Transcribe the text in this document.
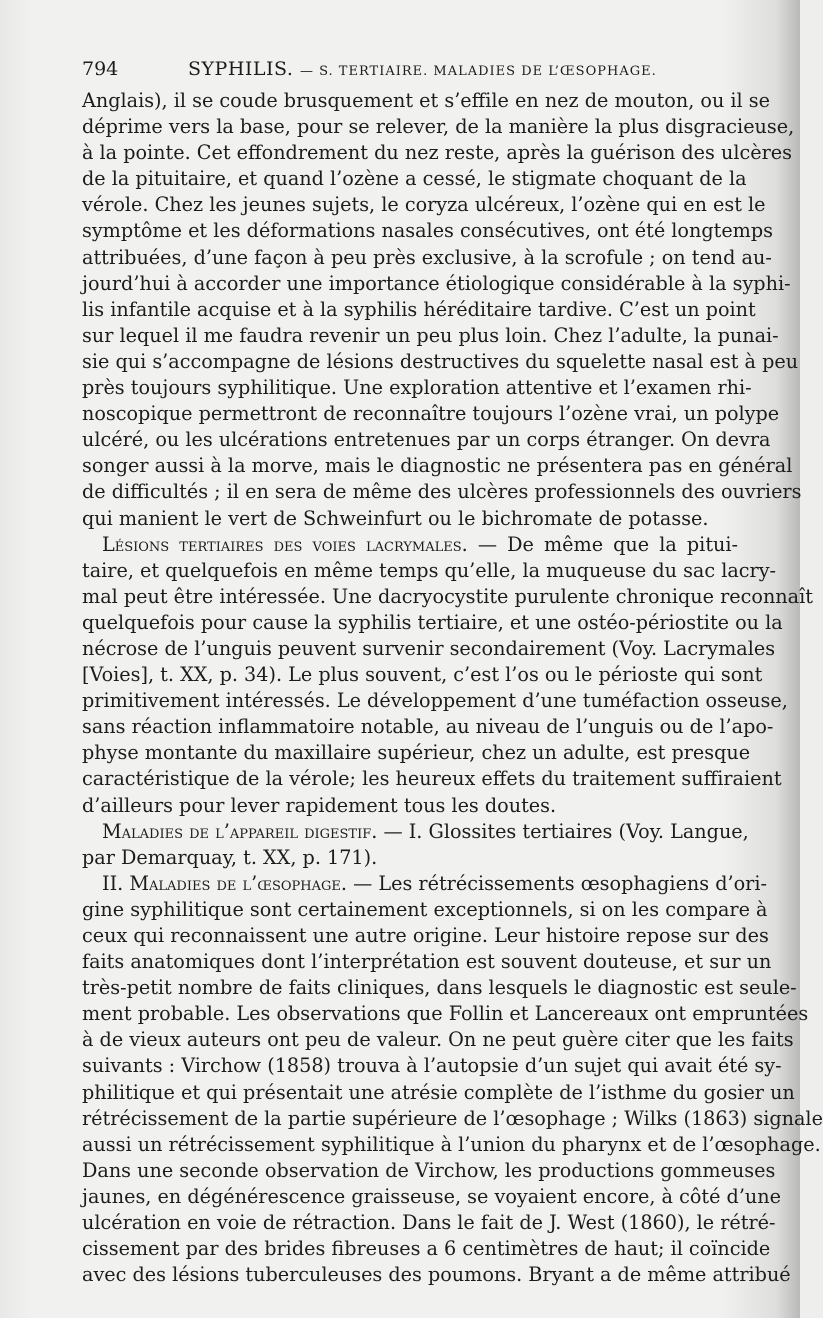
794	SYPHILIS. — S. TERTIAIRE. MALADIES DE L’ŒSOPHAGE.
Anglais), il se coude brusquement et s’effile en nez de mouton, ou il se
déprime vers la base, pour se relever, de la manière la plus disgracieuse,
à la pointe. Cet effondrement du nez reste, après la guérison des ulcères
de la pituitaire, et quand l’ozène a cessé, le stigmate choquant de la
vérole. Chez les jeunes sujets, le coryza ulcéreux, l’ozène qui en est le
symptôme et les déformations nasales consécutives, ont été longtemps
attribuées, d’une façon à peu près exclusive, à la scrofule ; on tend au-
jourd’hui à accorder une importance étiologique considérable à la syphi-
lis infantile acquise et à la syphilis héréditaire tardive. C’est un point
sur lequel il me faudra revenir un peu plus loin. Chez l’adulte, la punai-
sie qui s’accompagne de lésions destructives du squelette nasal est à peu
près toujours syphilitique. Une exploration attentive et l’examen rhi-
noscopique permettront de reconnaître toujours l’ozène vrai, un polype
ulcéré, ou les ulcérations entretenues par un corps étranger. On devra
songer aussi à la morve, mais le diagnostic ne présentera pas en général
de difficultés ; il en sera de même des ulcères professionnels des ouvriers
qui manient le vert de Schweinfurt ou le bichromate de potasse.
Lésions tertiaires des voies lacrymales. — De même que la pitui-
taire, et quelquefois en même temps qu’elle, la muqueuse du sac lacry-
mal peut être intéressée. Une dacryocystite purulente chronique reconnaît
quelquefois pour cause la syphilis tertiaire, et une ostéo-périostite ou la
nécrose de l’unguis peuvent survenir secondairement (Voy. Lacrymales
[Voies], t. XX, p. 34). Le plus souvent, c’est l’os ou le périoste qui sont
primitivement intéressés. Le développement d’une tuméfaction osseuse,
sans réaction inflammatoire notable, au niveau de l’unguis ou de l’apo-
physe montante du maxillaire supérieur, chez un adulte, est presque
caractéristique de la vérole; les heureux effets du traitement suffiraient
d’ailleurs pour lever rapidement tous les doutes.
Maladies de l’appareil digestif. — I. Glossites tertiaires (Voy. Langue,
par Demarquay, t. XX, p. 171).
II. Maladies de l’œsophage. — Les rétrécissements œsophagiens d’ori-
gine syphilitique sont certainement exceptionnels, si on les compare à
ceux qui reconnaissent une autre origine. Leur histoire repose sur des
faits anatomiques dont l’interprétation est souvent douteuse, et sur un
très-petit nombre de faits cliniques, dans lesquels le diagnostic est seule-
ment probable. Les observations que Follin et Lancereaux ont empruntées
à de vieux auteurs ont peu de valeur. On ne peut guère citer que les faits
suivants : Virchow (1858) trouva à l’autopsie d’un sujet qui avait été sy-
philitique et qui présentait une atrésie complète de l’isthme du gosier un
rétrécissement de la partie supérieure de l’œsophage ; Wilks (1863) signale
aussi un rétrécissement syphilitique à l’union du pharynx et de l’œsophage.
Dans une seconde observation de Virchow, les productions gommeuses
jaunes, en dégénérescence graisseuse, se voyaient encore, à côté d’une
ulcération en voie de rétraction. Dans le fait de J. West (1860), le rétré-
cissement par des brides fibreuses a 6 centimètres de haut; il coïncide
avec des lésions tuberculeuses des poumons. Bryant a de même attribué
